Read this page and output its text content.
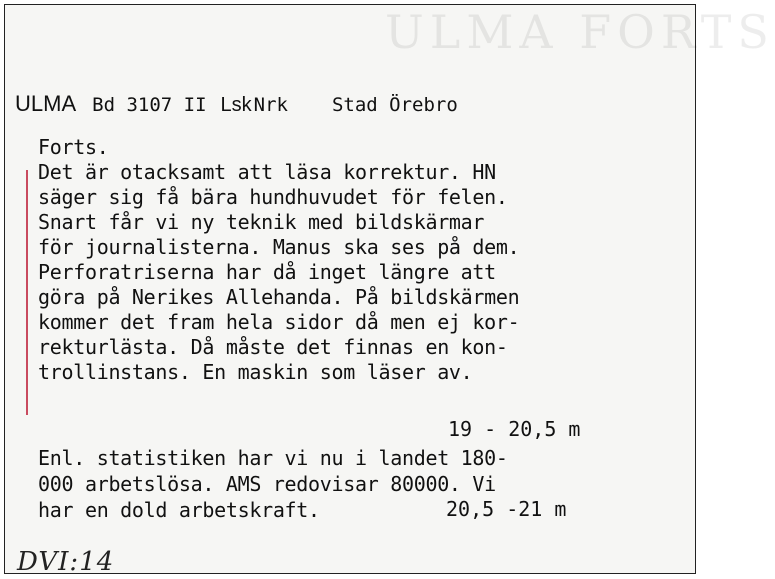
ULMA FORTS
ULMA Bd 3107 II Lsk Nrk Stad Örebro
Forts.
Det är otacksamt att läsa korrektur. HN
säger sig få bära hundhuvudet för felen.
Snart får vi ny teknik med bildskärmar
för journalisterna. Manus ska ses på dem.
Perforatriserna har då inget längre att
göra på Nerikes Allehanda. På bildskärmen
kommer det fram hela sidor då men ej kor-
rekturlästa. Då måste det finnas en kon-
trollinstans. En maskin som läser av.
19 - 20,5 m
Enl. statistiken har vi nu i landet 180-
000 arbetslösa. AMS redovisar 80000. Vi
har en dold arbetskraft.	20,5 -21 m
DVI:14
